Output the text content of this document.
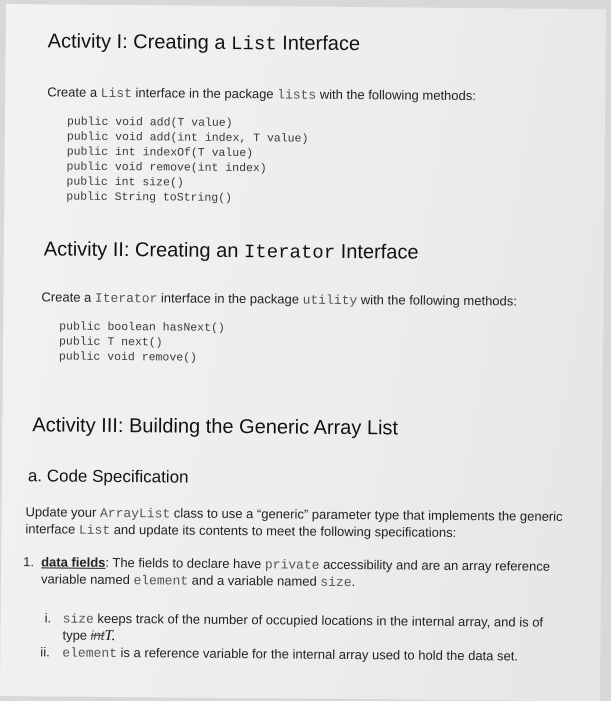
Activity I: Creating a List Interface
Create a List interface in the package lists with the following methods:
public void add(T value)
public void add(int index, T value)
public int indexOf(T value)
public void remove(int index)
public int size()
public String toString()
Activity II: Creating an Iterator Interface
Create a Iterator interface in the package utility with the following methods:
public boolean hasNext()
public T next()
public void remove()
Activity III: Building the Generic Array List
a. Code Specification
Update your ArrayList class to use a “generic” parameter type that implements the generic interface List and update its contents to meet the following specifications:
1. data fields: The fields to declare have private accessibility and are an array reference variable named element and a variable named size.
i. size keeps track of the number of occupied locations in the internal array, and is of type intT.
ii. element is a reference variable for the internal array used to hold the data set.
